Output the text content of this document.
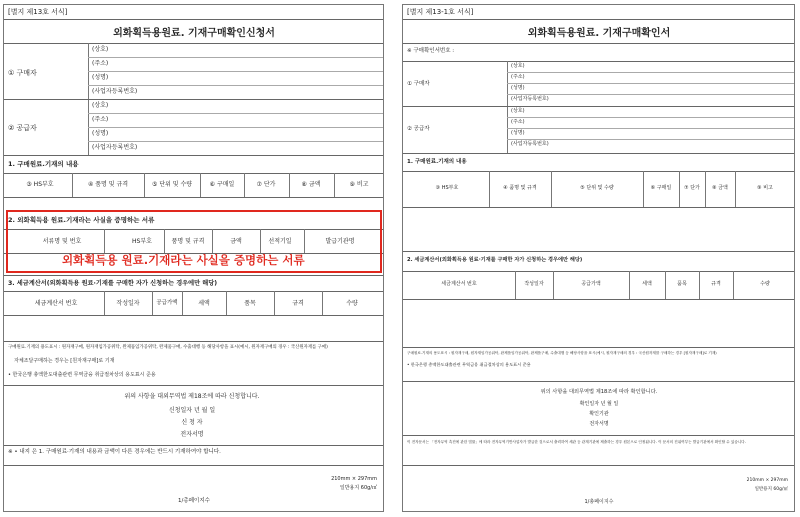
[별지 제13호 서식]
외화획득용원료. 기재구매확인신청서
① 구매자
(상호)
(주소)
(성명)
(사업자등록번호)
② 공급자
(상호)
(주소)
(성명)
(사업자등록번호)
1. 구매원료.기재의 내용
③ HS부호	④ 품명 및 규격	⑤ 단위 및 수량	⑥ 구매일	⑦ 단가	⑧ 금액	⑨ 비고
2. 외화획득용 원료.기재라는 사실을 증명하는 서류
서류명 및 번호	HS부호	품명 및 규격	금액	선적기일	발급기관명
외화획득용 원료.기재라는 사실을 증명하는 서류
3. 세금계산서(외화획득용 원료·기재를 구매한 자가 신청하는 경우에만 해당)
세금계산서 번호	작성일자	공급가액	세액	품목	규격	수량
구매원료.기재의 용도표시 : 원자재구매, 원자재임가공위탁, 완제품임가공위탁, 완제품구매, 수출대행 등 해당사항을 표시(예시, 원자재구매의 경우 : 국산원자재를 구매)
자체조달구매하는 경우는 [원자재구매]로 기재
• 한국은행 총액한도대출관련 무역금융 취급절차상의 용도표시 준용
위의 사항을 대외무역법 제18조에 따라 신청합니다.
신청일자 년 월 일
신 청 자
전자서명
※ • 내지 은 1. 구매원료·기재의 내용과 금액이 다른 경우에는 반드시 기재하여야 합니다.
210mm × 297mm
일반용지 60g/㎡
1/총페이지수
[별지 제13-1호 서식]
외화획득용원료. 기재구매확인서
※ 구매확인서번호 :
① 구매자
(상호)
(주소)
(성명)
(사업자등록번호)
② 공급자
(상호)
(주소)
(성명)
(사업자등록번호)
1. 구매원료.기재의 내용
③ HS부호	④ 품명 및 규격	⑤ 단위 및 수량	⑥ 구매일	⑦ 단가 ⑧ 금액	⑨ 비고
2. 세금계산서(외화획득용 원료·기재를 구매한 자가 신청하는 경우에만 해당)
세금계산서 번호	작성일자	공급가액	세액	품목	규격	수량
구매원료.기재의 용도표시 : 원자재구매, 원자재임가공위탁, 완제품임가공위탁, 완제품구매, 수출대행 등 해당사항을 표시(예시, 원자재구매의 경우 : 국산원자재를 구매하는 경우 [원자재구매]로 기재)
• 한국은행 총액한도대출관련 무역금융 취급절차상의 용도표시 준용
위의 사항을 대외무역법 제18조에 따라 확인합니다.
확인일자 년 월 일
확인기관
전자서명
이 전자문서는 「전자무역 촉진에 관한 법률」에 따라 전자무역기반사업자가 발급한 것으로서 출력하여 세관 등 관계기관에 제출하는 경우 원본으로 인정됩니다. 이 문서의 진위여부는 발급기관에서 확인할 수 있습니다.
210mm × 297mm
일반용지 60g/㎡
1/총페이지수
